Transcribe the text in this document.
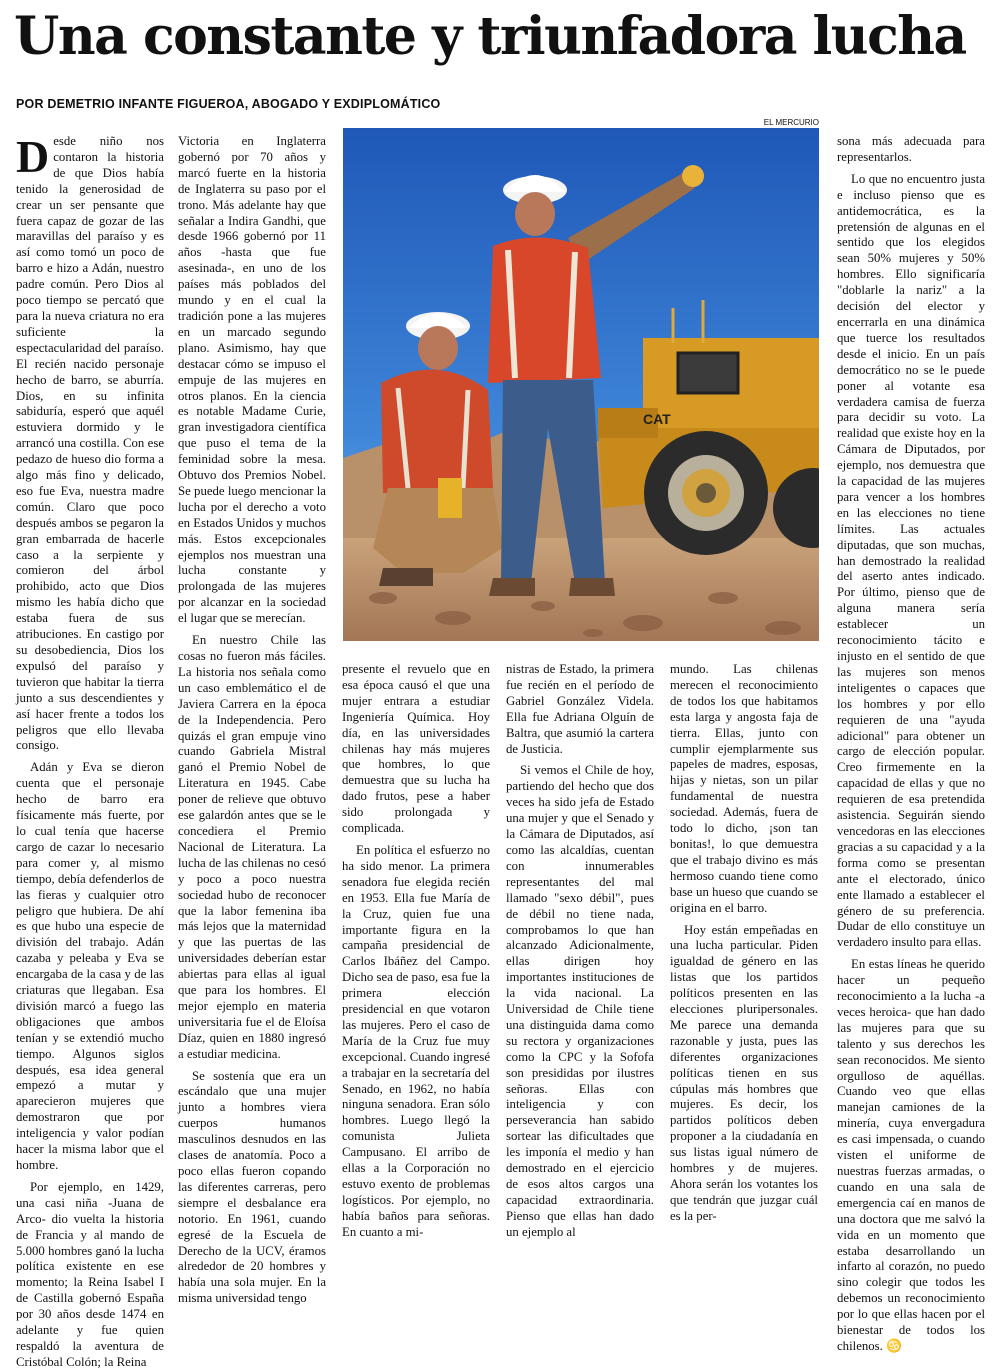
Una constante y triunfadora lucha
POR DEMETRIO INFANTE FIGUEROA, ABOGADO Y EXDIPLOMÁTICO
EL MERCURIO

Desde niño nos contaron la historia de que Dios había tenido la generosidad de crear un ser pensante que fuera capaz de gozar de las maravillas del paraíso y es así como tomó un poco de barro e hizo a Adán, nuestro padre común. Pero Dios al poco tiempo se percató que para la nueva criatura no era suficiente la espectacularidad del paraíso. El recién nacido personaje hecho de barro, se aburría. Dios, en su infinita sabiduría, esperó que aquél estuviera dormido y le arrancó una costilla. Con ese pedazo de hueso dio forma a algo más fino y delicado, eso fue Eva, nuestra madre común. Claro que poco después ambos se pegaron la gran embarrada de hacerle caso a la serpiente y comieron del árbol prohibido, acto que Dios mismo les había dicho que estaba fuera de sus atribuciones. En castigo por su desobediencia, Dios los expulsó del paraíso y tuvieron que habitar la tierra junto a sus descendientes y así hacer frente a todos los peligros que ello llevaba consigo.

Adán y Eva se dieron cuenta que el personaje hecho de barro era físicamente más fuerte, por lo cual tenía que hacerse cargo de cazar lo necesario para comer y, al mismo tiempo, debía defenderlos de las fieras y cualquier otro peligro que hubiera. De ahí es que hubo una especie de división del trabajo. Adán cazaba y peleaba y Eva se encargaba de la casa y de las criaturas que llegaban. Esa división marcó a fuego las obligaciones que ambos tenían y se extendió mucho tiempo. Algunos siglos después, esa idea general empezó a mutar y aparecieron mujeres que demostraron que por inteligencia y valor podían hacer la misma labor que el hombre.

Por ejemplo, en 1429, una casi niña -Juana de Arco- dio vuelta la historia de Francia y al mando de 5.000 hombres ganó la lucha política existente en ese momento; la Reina Isabel I de Castilla gobernó España por 30 años desde 1474 en adelante y fue quien respaldó la aventura de Cristóbal Colón; la Reina

Victoria en Inglaterra gobernó por 70 años y marcó fuerte en la historia de Inglaterra su paso por el trono. Más adelante hay que señalar a Indira Gandhi, que desde 1966 gobernó por 11 años -hasta que fue asesinada-, en uno de los países más poblados del mundo y en el cual la tradición pone a las mujeres en un marcado segundo plano. Asimismo, hay que destacar cómo se impuso el empuje de las mujeres en otros planos. En la ciencia es notable Madame Curie, gran investigadora científica que puso el tema de la feminidad sobre la mesa. Obtuvo dos Premios Nobel. Se puede luego mencionar la lucha por el derecho a voto en Estados Unidos y muchos más. Estos excepcionales ejemplos nos muestran una lucha constante y prolongada de las mujeres por alcanzar en la sociedad el lugar que se merecían.

En nuestro Chile las cosas no fueron más fáciles. La historia nos señala como un caso emblemático el de Javiera Carrera en la época de la Independencia. Pero quizás el gran empuje vino cuando Gabriela Mistral ganó el Premio Nobel de Literatura en 1945. Cabe poner de relieve que obtuvo ese galardón antes que se le concediera el Premio Nacional de Literatura. La lucha de las chilenas no cesó y poco a poco nuestra sociedad hubo de reconocer que la labor femenina iba más lejos que la maternidad y que las puertas de las universidades deberían estar abiertas para ellas al igual que para los hombres. El mejor ejemplo en materia universitaria fue el de Eloísa Díaz, quien en 1880 ingresó a estudiar medicina.

Se sostenía que era un escándalo que una mujer junto a hombres viera cuerpos humanos masculinos desnudos en las clases de anatomía. Poco a poco ellas fueron copando las diferentes carreras, pero siempre el desbalance era notorio. En 1961, cuando egresé de la Escuela de Derecho de la UCV, éramos alrededor de 20 hombres y había una sola mujer. En la misma universidad tengo

CAT

presente el revuelo que en esa época causó el que una mujer entrara a estudiar Ingeniería Química. Hoy día, en las universidades chilenas hay más mujeres que hombres, lo que demuestra que su lucha ha dado frutos, pese a haber sido prolongada y complicada.

En política el esfuerzo no ha sido menor. La primera senadora fue elegida recién en 1953. Ella fue María de la Cruz, quien fue una importante figura en la campaña presidencial de Carlos Ibáñez del Campo. Dicho sea de paso, esa fue la primera elección presidencial en que votaron las mujeres. Pero el caso de María de la Cruz fue muy excepcional. Cuando ingresé a trabajar en la secretaría del Senado, en 1962, no había ninguna senadora. Eran sólo hombres. Luego llegó la comunista Julieta Campusano. El arribo de ellas a la Corporación no estuvo exento de problemas logísticos. Por ejemplo, no había baños para señoras. En cuanto a mi-

nistras de Estado, la primera fue recién en el período de Gabriel González Videla. Ella fue Adriana Olguín de Baltra, que asumió la cartera de Justicia.

Si vemos el Chile de hoy, partiendo del hecho que dos veces ha sido jefa de Estado una mujer y que el Senado y la Cámara de Diputados, así como las alcaldías, cuentan con innumerables representantes del mal llamado "sexo débil", pues de débil no tiene nada, comprobamos lo que han alcanzado Adicionalmente, ellas dirigen hoy importantes instituciones de la vida nacional. La Universidad de Chile tiene una distinguida dama como su rectora y organizaciones como la CPC y la Sofofa son presididas por ilustres señoras. Ellas con inteligencia y con perseverancia han sabido sortear las dificultades que les imponía el medio y han demostrado en el ejercicio de esos altos cargos una capacidad extraordinaria. Pienso que ellas han dado un ejemplo al

mundo. Las chilenas merecen el reconocimiento de todos los que habitamos esta larga y angosta faja de tierra. Ellas, junto con cumplir ejemplarmente sus papeles de madres, esposas, hijas y nietas, son un pilar fundamental de nuestra sociedad. Además, fuera de todo lo dicho, ¡son tan bonitas!, lo que demuestra que el trabajo divino es más hermoso cuando tiene como base un hueso que cuando se origina en el barro.

Hoy están empeñadas en una lucha particular. Piden igualdad de género en las listas que los partidos políticos presenten en las elecciones pluripersonales. Me parece una demanda razonable y justa, pues las diferentes organizaciones políticas tienen en sus cúpulas más hombres que mujeres. Es decir, los partidos políticos deben proponer a la ciudadanía en sus listas igual número de hombres y de mujeres. Ahora serán los votantes los que tendrán que juzgar cuál es la per-

sona más adecuada para representarlos.

Lo que no encuentro justa e incluso pienso que es antidemocrática, es la pretensión de algunas en el sentido que los elegidos sean 50% mujeres y 50% hombres. Ello significaría "doblarle la nariz" a la decisión del elector y encerrarla en una dinámica que tuerce los resultados desde el inicio. En un país democrático no se le puede poner al votante esa verdadera camisa de fuerza para decidir su voto. La realidad que existe hoy en la Cámara de Diputados, por ejemplo, nos demuestra que la capacidad de las mujeres para vencer a los hombres en las elecciones no tiene límites. Las actuales diputadas, que son muchas, han demostrado la realidad del aserto antes indicado. Por último, pienso que de alguna manera sería establecer un reconocimiento tácito e injusto en el sentido de que las mujeres son menos inteligentes o capaces que los hombres y por ello requieren de una "ayuda adicional" para obtener un cargo de elección popular. Creo firmemente en la capacidad de ellas y que no requieren de esa pretendida asistencia. Seguirán siendo vencedoras en las elecciones gracias a su capacidad y a la forma como se presentan ante el electorado, único ente llamado a establecer el género de su preferencia. Dudar de ello constituye un verdadero insulto para ellas.

En estas líneas he querido hacer un pequeño reconocimiento a la lucha -a veces heroica- que han dado las mujeres para que su talento y sus derechos les sean reconocidos. Me siento orgulloso de aquéllas. Cuando veo que ellas manejan camiones de la minería, cuya envergadura es casi impensada, o cuando visten el uniforme de nuestras fuerzas armadas, o cuando en una sala de emergencia caí en manos de una doctora que me salvó la vida en un momento que estaba desarrollando un infarto al corazón, no puedo sino colegir que todos les debemos un reconocimiento por lo que ellas hacen por el bienestar de todos los chilenos. ♋
